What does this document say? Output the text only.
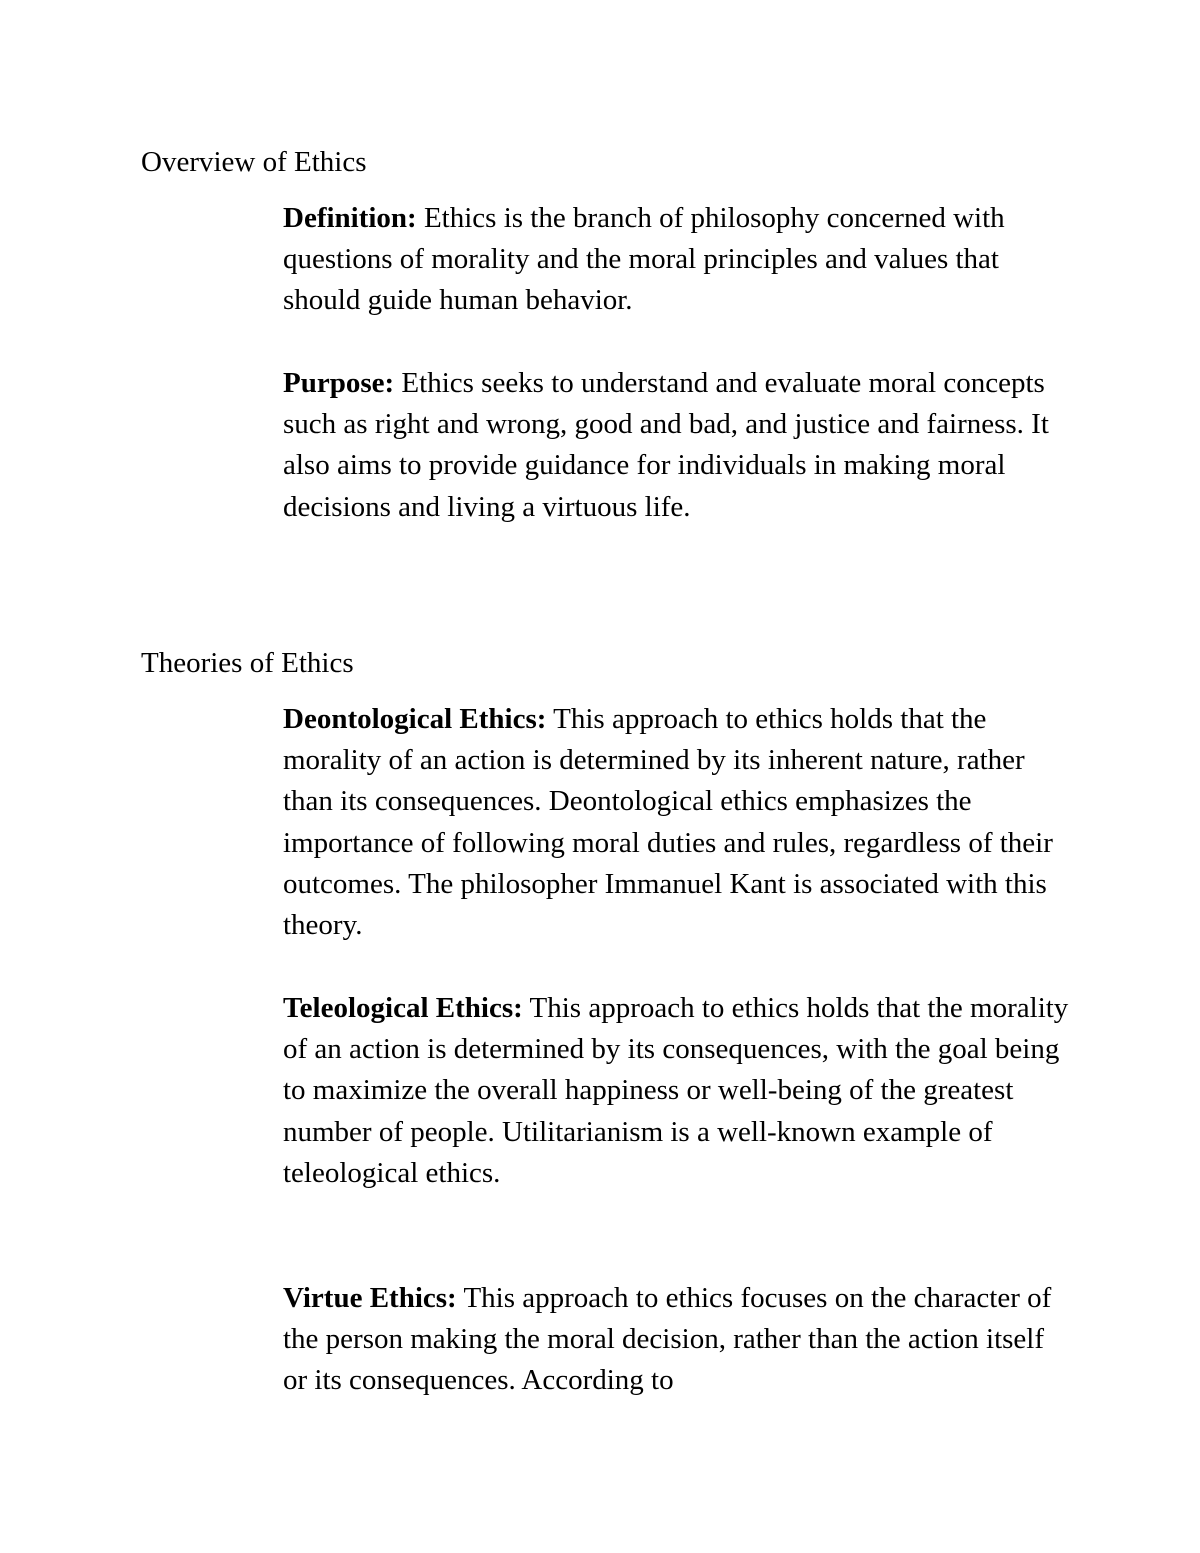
Overview of Ethics

Definition: Ethics is the branch of philosophy concerned with questions of morality and the moral principles and values that should guide human behavior.

Purpose: Ethics seeks to understand and evaluate moral concepts such as right and wrong, good and bad, and justice and fairness. It also aims to provide guidance for individuals in making moral decisions and living a virtuous life.

Theories of Ethics

Deontological Ethics: This approach to ethics holds that the morality of an action is determined by its inherent nature, rather than its consequences. Deontological ethics emphasizes the importance of following moral duties and rules, regardless of their outcomes. The philosopher Immanuel Kant is associated with this theory.

Teleological Ethics: This approach to ethics holds that the morality of an action is determined by its consequences, with the goal being to maximize the overall happiness or well-being of the greatest number of people. Utilitarianism is a well-known example of teleological ethics.

Virtue Ethics: This approach to ethics focuses on the character of the person making the moral decision, rather than the action itself or its consequences. According to
